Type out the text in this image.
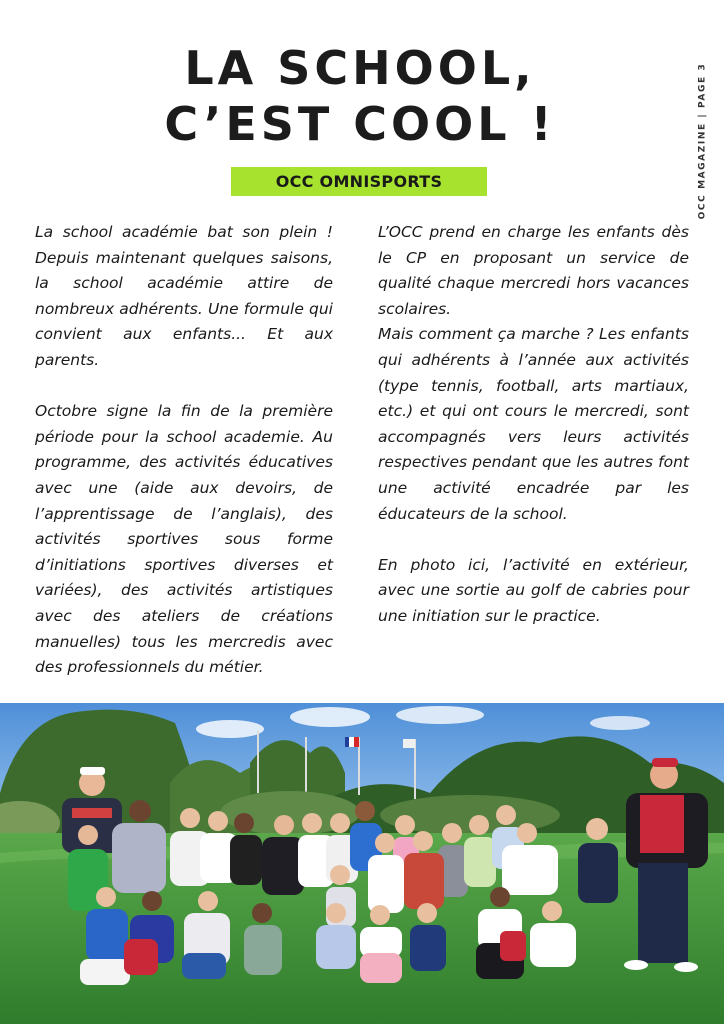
LA SCHOOL,
C’EST COOL !
OCC OMNISPORTS	OCC MAGAZINE | PAGE 3

La school académie bat son plein ! Depuis maintenant quelques saisons, la school académie attire de nombreux adhérents. Une formule qui convient aux enfants... Et aux parents.

Octobre signe la fin de la première période pour la school academie. Au programme, des activités éducatives avec une (aide aux devoirs, de l’apprentissage de l’anglais), des activités sportives sous forme d’initiations sportives diverses et variées), des activités artistiques avec des ateliers de créations manuelles) tous les mercredis avec des professionnels du métier.

L’OCC prend en charge les enfants dès le CP en proposant un service de qualité chaque mercredi hors vacances scolaires.

Mais comment ça marche ? Les enfants qui adhérents à l’année aux activités (type tennis, football, arts martiaux, etc.) et qui ont cours le mercredi, sont accompagnés vers leurs activités respectives pendant que les autres font une activité encadrée par les éducateurs de la school.

En photo ici, l’activité en extérieur, avec une sortie au golf de cabries pour une initiation sur le practice.
